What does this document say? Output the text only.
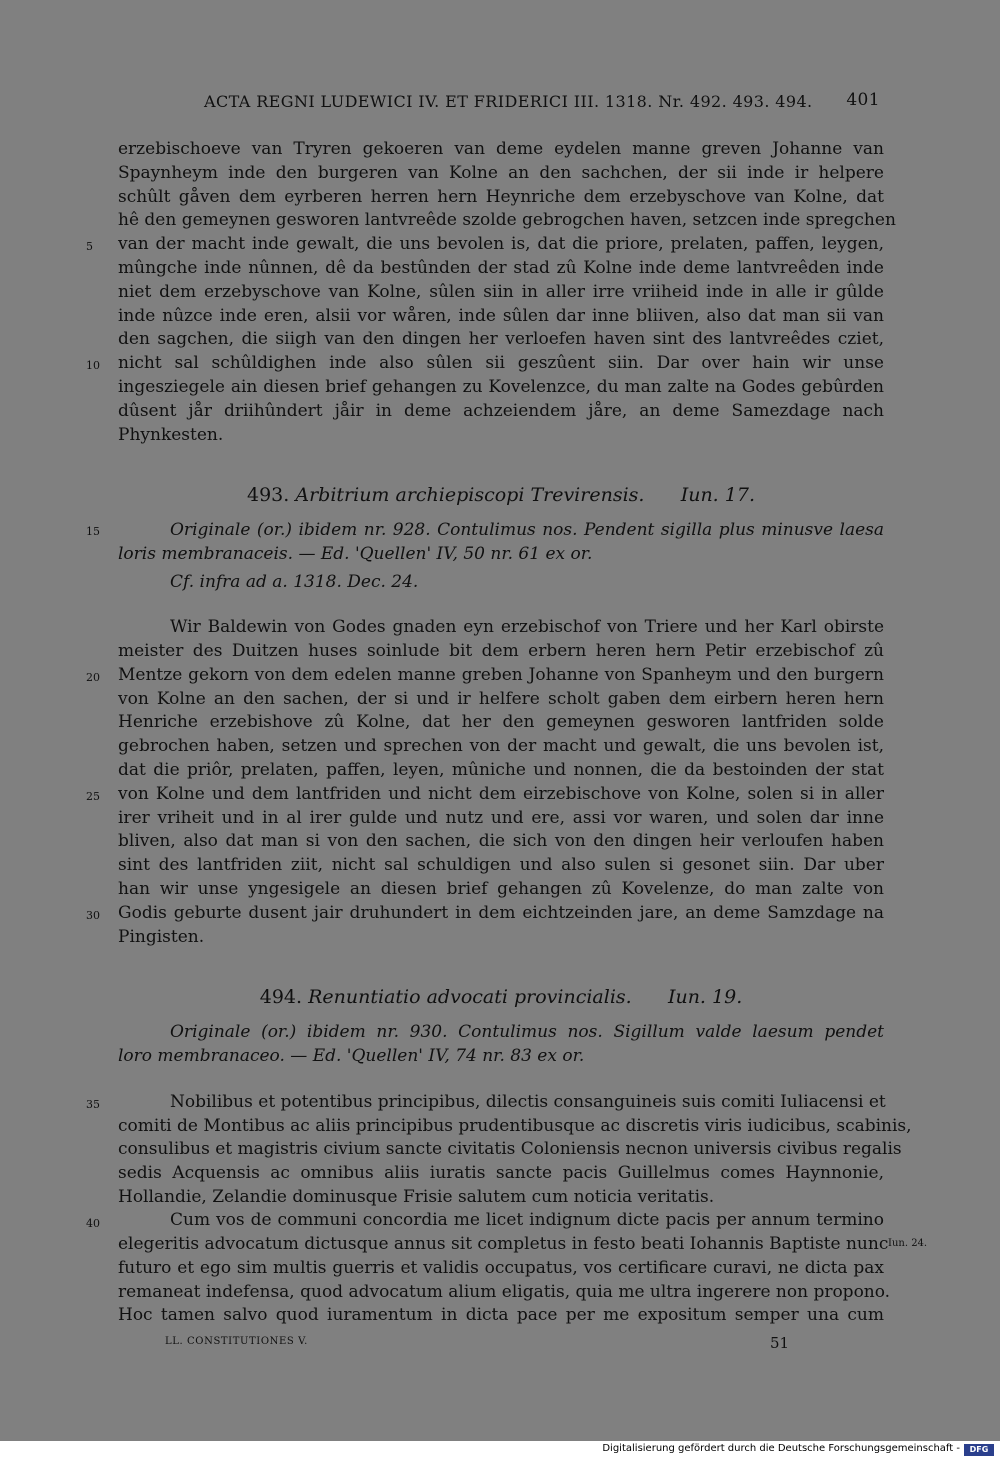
ACTA REGNI LUDEWICI IV. ET FRIDERICI III. 1318. Nr. 492. 493. 494. 401
erzebischoeve van Tryren gekoeren van deme eydelen manne greven Johanne van
Spaynheym inde den burgeren van Kolne an den sachchen, der sii inde ir helpere
schûlt gåven dem eyrberen herren hern Heynriche dem erzebyschove van Kolne, dat
hê den gemeynen gesworen lantvreêde szolde gebrogchen haven, setzcen inde spregchen
5	van der macht inde gewalt, die uns bevolen is, dat die priore, prelaten, paffen, leygen,
mûngche inde nûnnen, dê da bestûnden der stad zû Kolne inde deme lantvreêden inde
niet dem erzebyschove van Kolne, sûlen siin in aller irre vriiheid inde in alle ir gûlde
inde nûzce inde eren, alsii vor wåren, inde sûlen dar inne bliiven, also dat man sii van
den sagchen, die siigh van den dingen her verloefen haven sint des lantvreêdes cziet,
10	nicht sal schûldighen inde also sûlen sii geszûent siin. Dar over hain wir unse
ingesziegele ain diesen brief gehangen zu Kovelenzce, du man zalte na Godes gebûrden
dûsent jår driihûndert jåir in deme achzeiendem jåre, an deme Samezdage nach
Phynkesten.
493. Arbitrium archiepiscopi Trevirensis. Iun. 17.
15	Originale (or.) ibidem nr. 928. Contulimus nos. Pendent sigilla plus minusve laesa
loris membranaceis. — Ed. 'Quellen' IV, 50 nr. 61 ex or.
Cf. infra ad a. 1318. Dec. 24.
Wir Baldewin von Godes gnaden eyn erzebischof von Triere und her Karl obirste
meister des Duitzen huses soinlude bit dem erbern heren hern Petir erzebischof zû
20	Mentze gekorn von dem edelen manne greben Johanne von Spanheym und den burgern
von Kolne an den sachen, der si und ir helfere scholt gaben dem eirbern heren hern
Henriche erzebishove zû Kolne, dat her den gemeynen gesworen lantfriden solde
gebrochen haben, setzen und sprechen von der macht und gewalt, die uns bevolen ist,
dat die priôr, prelaten, paffen, leyen, mûniche und nonnen, die da bestoinden der stat
25	von Kolne und dem lantfriden und nicht dem eirzebischove von Kolne, solen si in aller
irer vriheit und in al irer gulde und nutz und ere, assi vor waren, und solen dar inne
bliven, also dat man si von den sachen, die sich von den dingen heir verloufen haben
sint des lantfriden ziit, nicht sal schuldigen und also sulen si gesonet siin. Dar uber
han wir unse yngesigele an diesen brief gehangen zû Kovelenze, do man zalte von
30	Godis geburte dusent jair druhundert in dem eichtzeinden jare, an deme Samzdage na
Pingisten.
494. Renuntiatio advocati provincialis. Iun. 19.
Originale (or.) ibidem nr. 930. Contulimus nos. Sigillum valde laesum pendet
loro membranaceo. — Ed. 'Quellen' IV, 74 nr. 83 ex or.
35	Nobilibus et potentibus principibus, dilectis consanguineis suis comiti Iuliacensi et
comiti de Montibus ac aliis principibus prudentibusque ac discretis viris iudicibus, scabinis,
consulibus et magistris civium sancte civitatis Coloniensis necnon universis civibus regalis
sedis Acquensis ac omnibus aliis iuratis sancte pacis Guillelmus comes Haynnonie,
Hollandie, Zelandie dominusque Frisie salutem cum noticia veritatis.
40	Cum vos de communi concordia me licet indignum dicte pacis per annum termino
elegeritis advocatum dictusque annus sit completus in festo beati Iohannis Baptiste nunc Iun. 24.
futuro et ego sim multis guerris et validis occupatus, vos certificare curavi, ne dicta pax
remaneat indefensa, quod advocatum alium eligatis, quia me ultra ingerere non propono.
Hoc tamen salvo quod iuramentum in dicta pace per me expositum semper una cum
LL. CONSTITUTIONES V.	51
Digitalisierung gefördert durch die Deutsche Forschungsgemeinschaft -	DFG
